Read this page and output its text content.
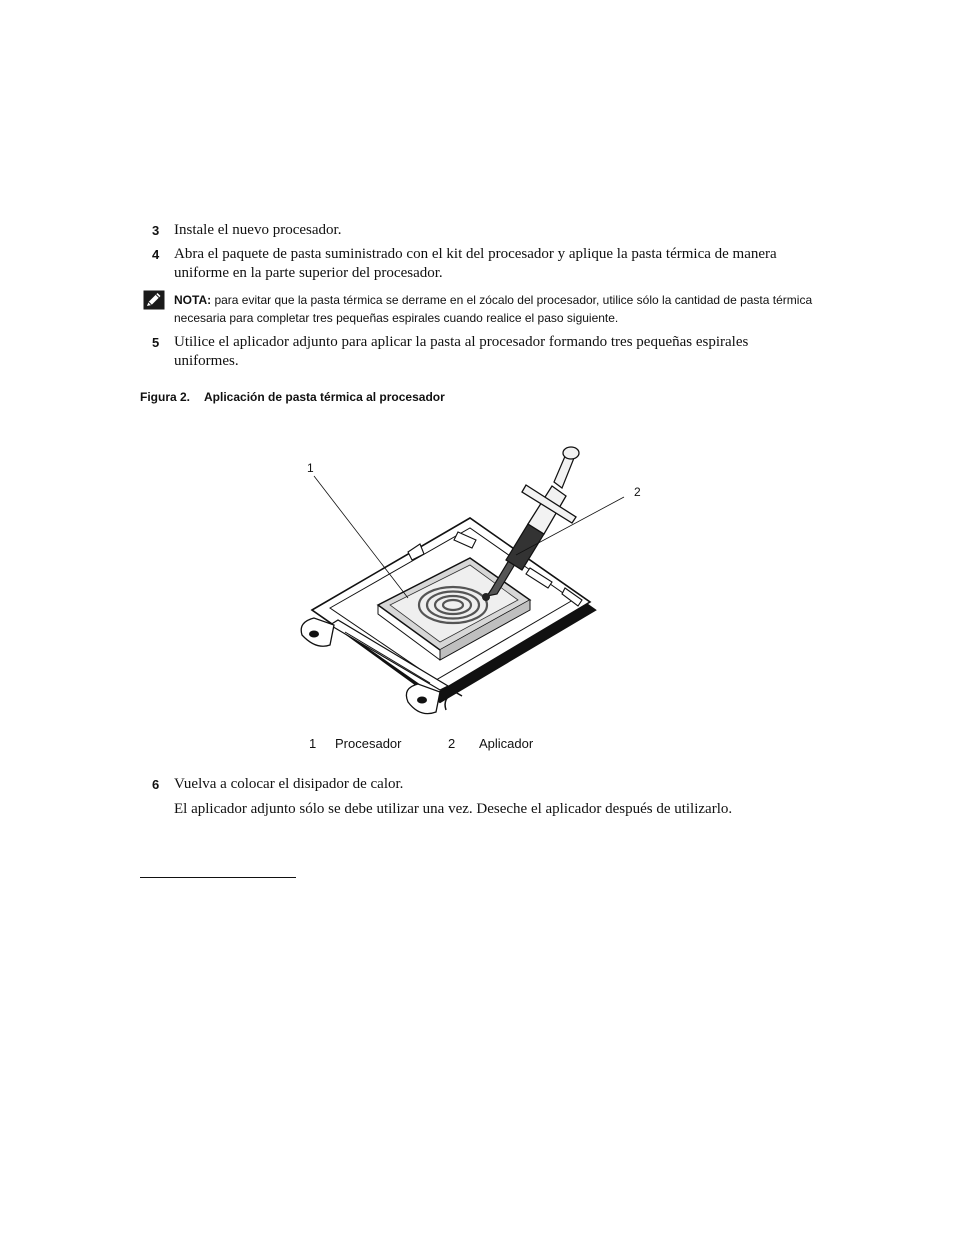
3 Instale el nuevo procesador.
4 Abra el paquete de pasta suministrado con el kit del procesador y aplique la pasta térmica de manera uniforme en la parte superior del procesador.
NOTA: para evitar que la pasta térmica se derrame en el zócalo del procesador, utilice sólo la cantidad de pasta térmica necesaria para completar tres pequeñas espirales cuando realice el paso siguiente.
5 Utilice el aplicador adjunto para aplicar la pasta al procesador formando tres pequeñas espirales uniformes.
Figura 2. Aplicación de pasta térmica al procesador
1
2
1 Procesador	2 Aplicador
6 Vuelva a colocar el disipador de calor.
El aplicador adjunto sólo se debe utilizar una vez. Deseche el aplicador después de utilizarlo.
